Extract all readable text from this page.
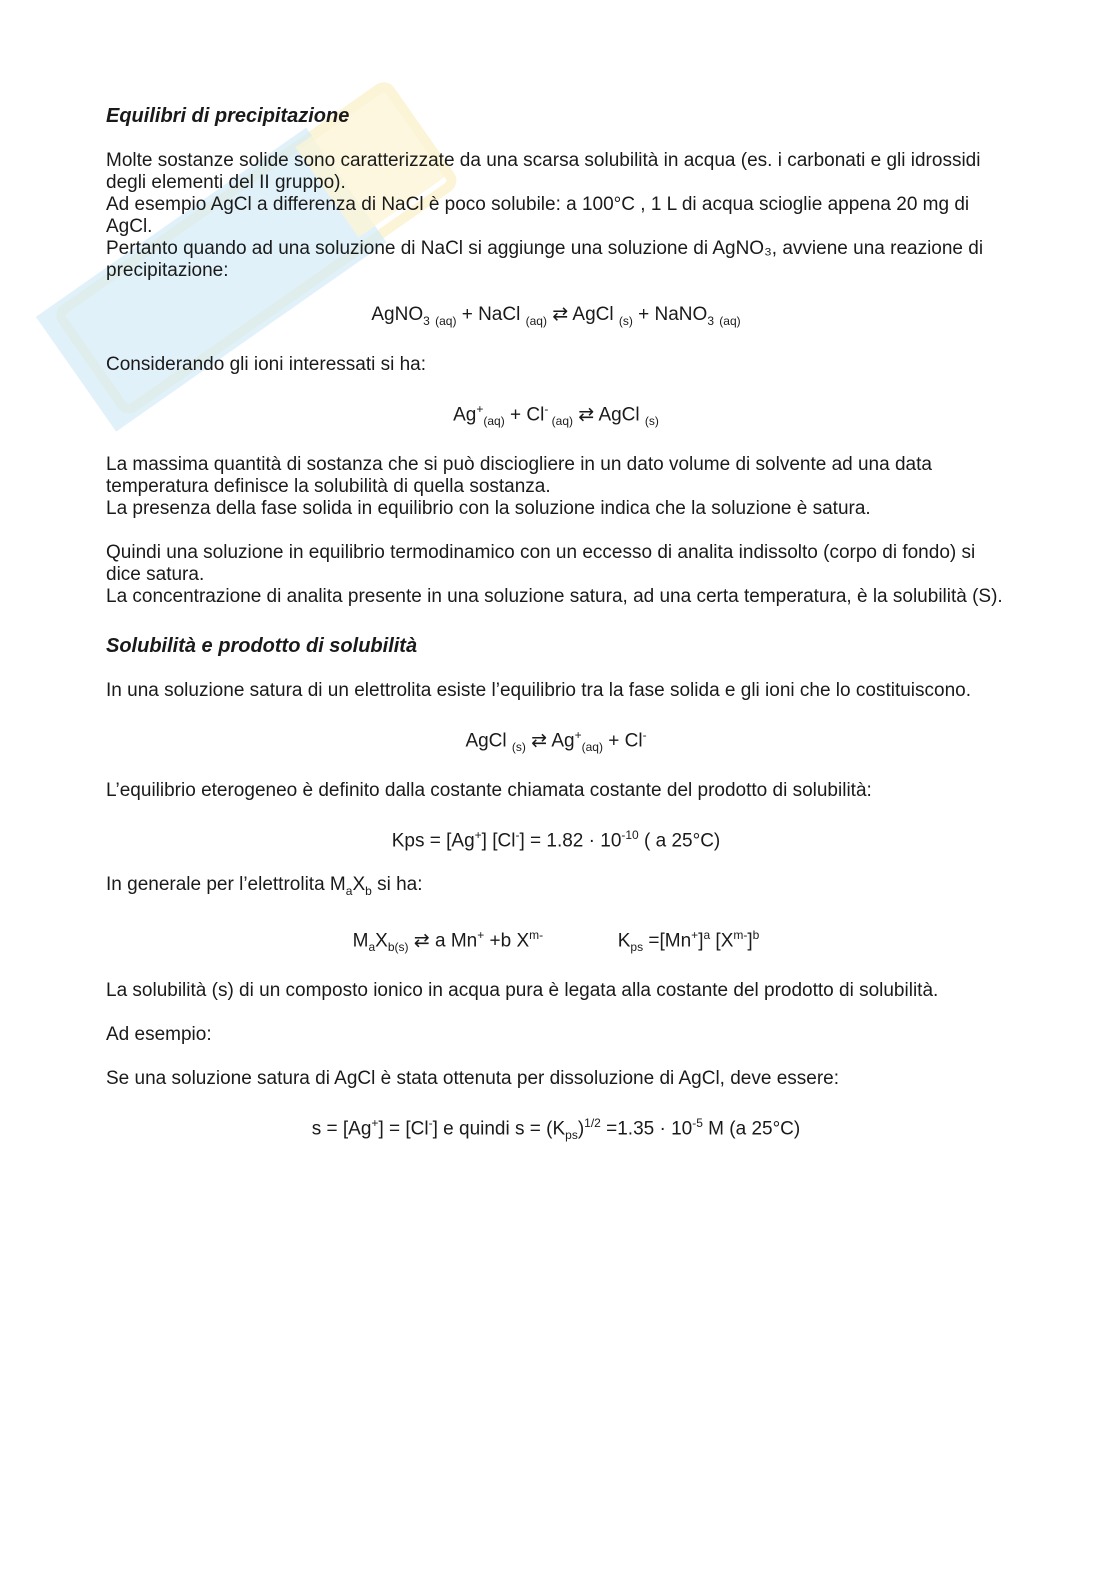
Equilibri di precipitazione

Molte sostanze solide sono caratterizzate da una scarsa solubilità in acqua (es. i carbonati e gli idrossidi degli elementi del II gruppo).

Ad esempio AgCl a differenza di NaCl è poco solubile: a 100°C , 1 L di acqua scioglie appena 20 mg di AgCl.

Pertanto quando ad una soluzione di NaCl si aggiunge una soluzione di AgNO₃, avviene una reazione di precipitazione:

AgNO$_3$ $_{(aq)}$ + NaCl $_{(aq)}$ ⇄ AgCl $_{(s)}$ + NaNO$_3$ $_{(aq)}$

Considerando gli ioni interessati si ha:

$Ag^+_{(aq)} + Cl^-$ $_{(aq)}$ ⇄ AgCl $_{(s)}$

La massima quantità di sostanza che si può disciogliere in un dato volume di solvente ad una data temperatura definisce la solubilità di quella sostanza.

La presenza della fase solida in equilibrio con la soluzione indica che la soluzione è satura.

Quindi una soluzione in equilibrio termodinamico con un eccesso di analita indissolto (corpo di fondo) si dice satura.

La concentrazione di analita presente in una soluzione satura, ad una certa temperatura, è la solubilità (S).

Solubilità e prodotto di solubilità

In una soluzione satura di un elettrolita esiste l’equilibrio tra la fase solida e gli ioni che lo costituiscono.

AgCl $_{(s)}$ ⇄ $Ag^+_{(aq)} + Cl^-$

L’equilibrio eterogeneo è definito dalla costante chiamata costante del prodotto di solubilità:

Kps = [Ag+] $[Cl^-] = 1.82 \cdot 10^{-10}$ ( a 25°C)

In generale per l’elettrolita $M_aX_b$ si ha:

$M_aX_{b(s)}$ ⇄ a Mn+ +b $X^{m-}$	$K_{ps} =[Mn^+]^a$ $[X^{m-}]^b$

La solubilità (s) di un composto ionico in acqua pura è legata alla costante del prodotto di solubilità.

Ad esempio:

Se una soluzione satura di AgCl è stata ottenuta per dissoluzione di AgCl, deve essere:

s = [Ag+] = [Cl-] e quindi $s = (K_{ps})^{1/2} =1.35 \cdot 10^{-5}$ M (a 25°C)
